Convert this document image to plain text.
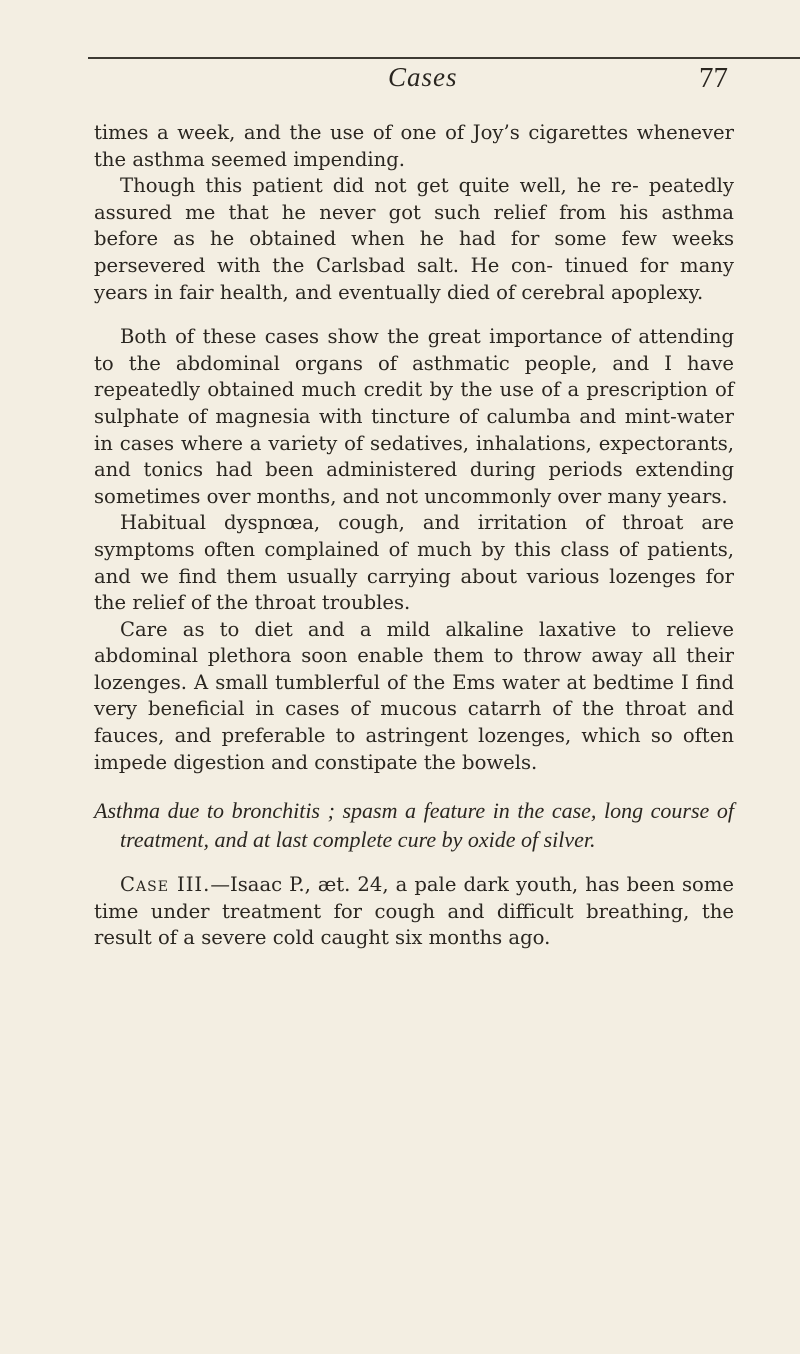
Cases	77

times a week, and the use of one of Joy’s cigarettes whenever the asthma seemed impending.

Though this patient did not get quite well, he re- peatedly assured me that he never got such relief from his asthma before as he obtained when he had for some few weeks persevered with the Carlsbad salt. He con- tinued for many years in fair health, and eventually died of cerebral apoplexy.

Both of these cases show the great importance of attending to the abdominal organs of asthmatic people, and I have repeatedly obtained much credit by the use of a prescription of sulphate of magnesia with tincture of calumba and mint-water in cases where a variety of sedatives, inhalations, expectorants, and tonics had been administered during periods extending sometimes over months, and not uncommonly over many years.

Habitual dyspnœa, cough, and irritation of throat are symptoms often complained of much by this class of patients, and we find them usually carrying about various lozenges for the relief of the throat troubles.

Care as to diet and a mild alkaline laxative to relieve abdominal plethora soon enable them to throw away all their lozenges. A small tumblerful of the Ems water at bedtime I find very beneficial in cases of mucous catarrh of the throat and fauces, and preferable to astringent lozenges, which so often impede digestion and constipate the bowels.

Asthma due to bronchitis ; spasm a feature in the case, long course of treatment, and at last complete cure by oxide of silver.

Case III.—Isaac P., æt. 24, a pale dark youth, has been some time under treatment for cough and difficult breathing, the result of a severe cold caught six months ago.
